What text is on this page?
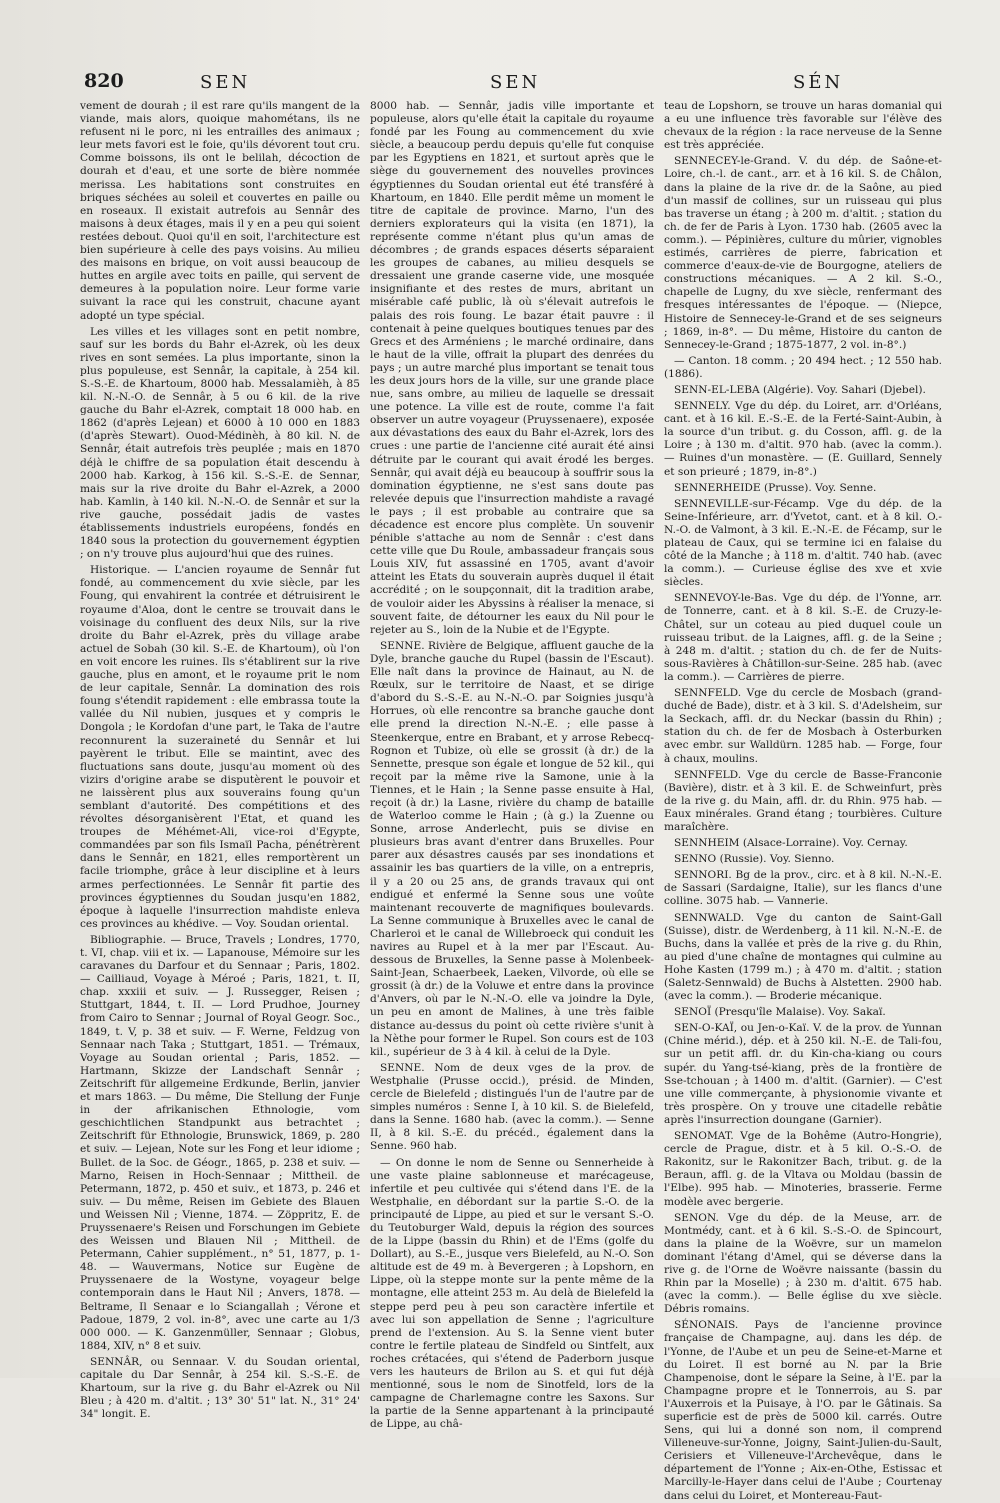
820	SEN	SEN	SÉN

vement de dourah ; il est rare qu'ils mangent de la viande, mais alors, quoique mahométans, ils ne refusent ni le porc, ni les entrailles des animaux ; leur mets favori est le foie, qu'ils dévorent tout cru. Comme boissons, ils ont le belilah, décoction de dourah et d'eau, et une sorte de bière nommée merissa. Les habitations sont construites en briques séchées au soleil et couvertes en paille ou en roseaux. Il existait autrefois au Sennâr des maisons à deux étages, mais il y en a peu qui soient restées debout. Quoi qu'il en soit, l'architecture est bien supérieure à celle des pays voisins. Au milieu des maisons en brique, on voit aussi beaucoup de huttes en argile avec toits en paille, qui servent de demeures à la population noire. Leur forme varie suivant la race qui les construit, chacune ayant adopté un type spécial.

Les villes et les villages sont en petit nombre, sauf sur les bords du Bahr el-Azrek, où les deux rives en sont semées. La plus importante, sinon la plus populeuse, est Sennâr, la capitale, à 254 kil. S.-S.-E. de Khartoum, 8000 hab. Messalamièh, à 85 kil. N.-N.-O. de Sennâr, à 5 ou 6 kil. de la rive gauche du Bahr el-Azrek, comptait 18 000 hab. en 1862 (d'après Lejean) et 6000 à 10 000 en 1883 (d'après Stewart). Ouod-Médinèh, à 80 kil. N. de Sennâr, était autrefois très peuplée ; mais en 1870 déjà le chiffre de sa population était descendu à 2000 hab. Karkog, à 156 kil. S.-S.-E. de Sennar, mais sur la rive droite du Bahr el-Azrek, a 2000 hab. Kamlin, à 140 kil. N.-N.-O. de Sennâr et sur la rive gauche, possédait jadis de vastes établissements industriels européens, fondés en 1840 sous la protection du gouvernement égyptien ; on n'y trouve plus aujourd'hui que des ruines.

Historique. — L'ancien royaume de Sennâr fut fondé, au commencement du xvie siècle, par les Foung, qui envahirent la contrée et détruisirent le royaume d'Aloa, dont le centre se trouvait dans le voisinage du confluent des deux Nils, sur la rive droite du Bahr el-Azrek, près du village arabe actuel de Sobah (30 kil. S.-E. de Khartoum), où l'on en voit encore les ruines. Ils s'établirent sur la rive gauche, plus en amont, et le royaume prit le nom de leur capitale, Sennâr. La domination des rois foung s'étendit rapidement : elle embrassa toute la vallée du Nil nubien, jusques et y compris le Dongola ; le Kordofan d'une part, le Taka de l'autre reconnurent la suzeraineté du Sennâr et lui payèrent le tribut. Elle se maintint, avec des fluctuations sans doute, jusqu'au moment où des vizirs d'origine arabe se disputèrent le pouvoir et ne laissèrent plus aux souverains foung qu'un semblant d'autorité. Des compétitions et des révoltes désorganisèrent l'Etat, et quand les troupes de Méhémet-Ali, vice-roi d'Egypte, commandées par son fils Ismaïl Pacha, pénétrèrent dans le Sennâr, en 1821, elles remportèrent un facile triomphe, grâce à leur discipline et à leurs armes perfectionnées. Le Sennâr fit partie des provinces égyptiennes du Soudan jusqu'en 1882, époque à laquelle l'insurrection mahdiste enleva ces provinces au khédive. — Voy. Soudan oriental.

Bibliographie. — Bruce, Travels ; Londres, 1770, t. VI, chap. viii et ix. — Lapanouse, Mémoire sur les caravanes du Darfour et du Sennaar ; Paris, 1802. — Cailliaud, Voyage à Méroé ; Paris, 1821, t. II, chap. xxxiii et suiv. — J. Russegger, Reisen ; Stuttgart, 1844, t. II. — Lord Prudhoe, Journey from Cairo to Sennar ; Journal of Royal Geogr. Soc., 1849, t. V, p. 38 et suiv. — F. Werne, Feldzug von Sennaar nach Taka ; Stuttgart, 1851. — Trémaux, Voyage au Soudan oriental ; Paris, 1852. — Hartmann, Skizze der Landschaft Sennâr ; Zeitschrift für allgemeine Erdkunde, Berlin, janvier et mars 1863. — Du même, Die Stellung der Funje in der afrikanischen Ethnologie, vom geschichtlichen Standpunkt aus betrachtet ; Zeitschrift für Ethnologie, Brunswick, 1869, p. 280 et suiv. — Lejean, Note sur les Fong et leur idiome ; Bullet. de la Soc. de Géogr., 1865, p. 238 et suiv. — Marno, Reisen in Hoch-Sennaar ; Mittheil. de Petermann, 1872, p. 450 et suiv., et 1873, p. 246 et suiv. — Du même, Reisen im Gebiete des Blauen und Weissen Nil ; Vienne, 1874. — Zöppritz, E. de Pruyssenaere's Reisen und Forschungen im Gebiete des Weissen und Blauen Nil ; Mittheil. de Petermann, Cahier supplément., n° 51, 1877, p. 1-48. — Wauvermans, Notice sur Eugène de Pruyssenaere de la Wostyne, voyageur belge contemporain dans le Haut Nil ; Anvers, 1878. — Beltrame, Il Senaar e lo Sciangallah ; Vérone et Padoue, 1879, 2 vol. in-8°, avec une carte au 1/3 000 000. — K. Ganzenmüller, Sennaar ; Globus, 1884, XIV, n° 8 et suiv.

SENNÂR, ou Sennaar. V. du Soudan oriental, capitale du Dar Sennâr, à 254 kil. S.-S.-E. de Khartoum, sur la rive g. du Bahr el-Azrek ou Nil Bleu ; à 420 m. d'altit. ; 13° 30' 51" lat. N., 31° 24' 34" longit. E.

8000 hab. — Sennâr, jadis ville importante et populeuse, alors qu'elle était la capitale du royaume fondé par les Foung au commencement du xvie siècle, a beaucoup perdu depuis qu'elle fut conquise par les Egyptiens en 1821, et surtout après que le siège du gouvernement des nouvelles provinces égyptiennes du Soudan oriental eut été transféré à Khartoum, en 1840. Elle perdit même un moment le titre de capitale de province. Marno, l'un des derniers explorateurs qui la visita (en 1871), la représente comme n'étant plus qu'un amas de décombres ; de grands espaces déserts séparaient les groupes de cabanes, au milieu desquels se dressaient une grande caserne vide, une mosquée insignifiante et des restes de murs, abritant un misérable café public, là où s'élevait autrefois le palais des rois foung. Le bazar était pauvre : il contenait à peine quelques boutiques tenues par des Grecs et des Arméniens ; le marché ordinaire, dans le haut de la ville, offrait la plupart des denrées du pays ; un autre marché plus important se tenait tous les deux jours hors de la ville, sur une grande place nue, sans ombre, au milieu de laquelle se dressait une potence. La ville est de route, comme l'a fait observer un autre voyageur (Pruyssenaere), exposée aux dévastations des eaux du Bahr el-Azrek, lors des crues : une partie de l'ancienne cité aurait été ainsi détruite par le courant qui avait érodé les berges. Sennâr, qui avait déjà eu beaucoup à souffrir sous la domination égyptienne, ne s'est sans doute pas relevée depuis que l'insurrection mahdiste a ravagé le pays ; il est probable au contraire que sa décadence est encore plus complète. Un souvenir pénible s'attache au nom de Sennâr : c'est dans cette ville que Du Roule, ambassadeur français sous Louis XIV, fut assassiné en 1705, avant d'avoir atteint les Etats du souverain auprès duquel il était accrédité ; on le soupçonnait, dit la tradition arabe, de vouloir aider les Abyssins à réaliser la menace, si souvent faite, de détourner les eaux du Nil pour le rejeter au S., loin de la Nubie et de l'Egypte.

SENNE. Rivière de Belgique, affluent gauche de la Dyle, branche gauche du Rupel (bassin de l'Escaut). Elle naît dans la province de Hainaut, au N. de Rœulx, sur le territoire de Naast, et se dirige d'abord du S.-S.-E. au N.-N.-O. par Soignies jusqu'à Horrues, où elle rencontre sa branche gauche dont elle prend la direction N.-N.-E. ; elle passe à Steenkerque, entre en Brabant, et y arrose Rebecq-Rognon et Tubize, où elle se grossit (à dr.) de la Sennette, presque son égale et longue de 52 kil., qui reçoit par la même rive la Samone, unie à la Tiennes, et le Hain ; la Senne passe ensuite à Hal, reçoit (à dr.) la Lasne, rivière du champ de bataille de Waterloo comme le Hain ; (à g.) la Zuenne ou Sonne, arrose Anderlecht, puis se divise en plusieurs bras avant d'entrer dans Bruxelles. Pour parer aux désastres causés par ses inondations et assainir les bas quartiers de la ville, on a entrepris, il y a 20 ou 25 ans, de grands travaux qui ont endigué et enfermé la Senne sous une voûte maintenant recouverte de magnifiques boulevards. La Senne communique à Bruxelles avec le canal de Charleroi et le canal de Willebroeck qui conduit les navires au Rupel et à la mer par l'Escaut. Au-dessous de Bruxelles, la Senne passe à Molenbeek-Saint-Jean, Schaerbeek, Laeken, Vilvorde, où elle se grossit (à dr.) de la Voluwe et entre dans la province d'Anvers, où par le N.-N.-O. elle va joindre la Dyle, un peu en amont de Malines, à une très faible distance au-dessus du point où cette rivière s'unit à la Nèthe pour former le Rupel. Son cours est de 103 kil., supérieur de 3 à 4 kil. à celui de la Dyle.

SENNE. Nom de deux vges de la prov. de Westphalie (Prusse occid.), présid. de Minden, cercle de Bielefeld ; distingués l'un de l'autre par de simples numéros : Senne I, à 10 kil. S. de Bielefeld, dans la Senne. 1680 hab. (avec la comm.). — Senne II, à 8 kil. S.-E. du précéd., également dans la Senne. 960 hab.

— On donne le nom de Senne ou Sennerheide à une vaste plaine sablonneuse et marécageuse, infertile et peu cultivée qui s'étend dans l'E. de la Westphalie, en débordant sur la partie S.-O. de la principauté de Lippe, au pied et sur le versant S.-O. du Teutoburger Wald, depuis la région des sources de la Lippe (bassin du Rhin) et de l'Ems (golfe du Dollart), au S.-E., jusque vers Bielefeld, au N.-O. Son altitude est de 49 m. à Bevergeren ; à Lopshorn, en Lippe, où la steppe monte sur la pente même de la montagne, elle atteint 253 m. Au delà de Bielefeld la steppe perd peu à peu son caractère infertile et avec lui son appellation de Senne ; l'agriculture prend de l'extension. Au S. la Senne vient buter contre le fertile plateau de Sindfeld ou Sintfelt, aux roches crétacées, qui s'étend de Paderborn jusque vers les hauteurs de Brilon au S. et qui fut déjà mentionné, sous le nom de Sinotfeld, lors de la campagne de Charlemagne contre les Saxons. Sur la partie de la Senne appartenant à la principauté de Lippe, au châ-

teau de Lopshorn, se trouve un haras domanial qui a eu une influence très favorable sur l'élève des chevaux de la région : la race nerveuse de la Senne est très appréciée.

SENNECEY-le-Grand. V. du dép. de Saône-et-Loire, ch.-l. de cant., arr. et à 16 kil. S. de Châlon, dans la plaine de la rive dr. de la Saône, au pied d'un massif de collines, sur un ruisseau qui plus bas traverse un étang ; à 200 m. d'altit. ; station du ch. de fer de Paris à Lyon. 1730 hab. (2605 avec la comm.). — Pépinières, culture du mûrier, vignobles estimés, carrières de pierre, fabrication et commerce d'eaux-de-vie de Bourgogne, ateliers de constructions mécaniques. — A 2 kil. S.-O., chapelle de Lugny, du xve siècle, renfermant des fresques intéressantes de l'époque. — (Niepce, Histoire de Sennecey-le-Grand et de ses seigneurs ; 1869, in-8°. — Du même, Histoire du canton de Sennecey-le-Grand ; 1875-1877, 2 vol. in-8°.)

— Canton. 18 comm. ; 20 494 hect. ; 12 550 hab. (1886).

SENN-EL-LEBA (Algérie). Voy. Sahari (Djebel).

SENNELY. Vge du dép. du Loiret, arr. d'Orléans, cant. et à 16 kil. E.-S.-E. de la Ferté-Saint-Aubin, à la source d'un tribut. g. du Cosson, affl. g. de la Loire ; à 130 m. d'altit. 970 hab. (avec la comm.). — Ruines d'un monastère. — (E. Guillard, Sennely et son prieuré ; 1879, in-8°.)

SENNERHEIDE (Prusse). Voy. Senne.

SENNEVILLE-sur-Fécamp. Vge du dép. de la Seine-Inférieure, arr. d'Yvetot, cant. et à 8 kil. O.-N.-O. de Valmont, à 3 kil. E.-N.-E. de Fécamp, sur le plateau de Caux, qui se termine ici en falaise du côté de la Manche ; à 118 m. d'altit. 740 hab. (avec la comm.). — Curieuse église des xve et xvie siècles.

SENNEVOY-le-Bas. Vge du dép. de l'Yonne, arr. de Tonnerre, cant. et à 8 kil. S.-E. de Cruzy-le-Châtel, sur un coteau au pied duquel coule un ruisseau tribut. de la Laignes, affl. g. de la Seine ; à 248 m. d'altit. ; station du ch. de fer de Nuits-sous-Ravières à Châtillon-sur-Seine. 285 hab. (avec la comm.). — Carrières de pierre.

SENNFELD. Vge du cercle de Mosbach (grand-duché de Bade), distr. et à 3 kil. S. d'Adelsheim, sur la Seckach, affl. dr. du Neckar (bassin du Rhin) ; station du ch. de fer de Mosbach à Osterburken avec embr. sur Walldürn. 1285 hab. — Forge, four à chaux, moulins.

SENNFELD. Vge du cercle de Basse-Franconie (Bavière), distr. et à 3 kil. E. de Schweinfurt, près de la rive g. du Main, affl. dr. du Rhin. 975 hab. — Eaux minérales. Grand étang ; tourbières. Culture maraîchère.

SENNHEIM (Alsace-Lorraine). Voy. Cernay.

SENNO (Russie). Voy. Sienno.

SENNORI. Bg de la prov., circ. et à 8 kil. N.-N.-E. de Sassari (Sardaigne, Italie), sur les flancs d'une colline. 3075 hab. — Vannerie.

SENNWALD. Vge du canton de Saint-Gall (Suisse), distr. de Werdenberg, à 11 kil. N.-N.-E. de Buchs, dans la vallée et près de la rive g. du Rhin, au pied d'une chaîne de montagnes qui culmine au Hohe Kasten (1799 m.) ; à 470 m. d'altit. ; station (Saletz-Sennwald) de Buchs à Alstetten. 2900 hab. (avec la comm.). — Broderie mécanique.

SENOÏ (Presqu'île Malaise). Voy. Sakaï.

SEN-O-KAÏ, ou Jen-o-Kaï. V. de la prov. de Yunnan (Chine mérid.), dép. et à 250 kil. N.-E. de Tali-fou, sur un petit affl. dr. du Kin-cha-kiang ou cours supér. du Yang-tsé-kiang, près de la frontière de Sse-tchouan ; à 1400 m. d'altit. (Garnier). — C'est une ville commerçante, à physionomie vivante et très prospère. On y trouve une citadelle rebâtie après l'insurrection doungane (Garnier).

SENOMAT. Vge de la Bohême (Autro-Hongrie), cercle de Prague, distr. et à 5 kil. O.-S.-O. de Rakonitz, sur le Rakonitzer Bach, tribut. g. de la Beraun, affl. g. de la Vltava ou Moldau (bassin de l'Elbe). 995 hab. — Minoteries, brasserie. Ferme modèle avec bergerie.

SENON. Vge du dép. de la Meuse, arr. de Montmédy, cant. et à 6 kil. S.-S.-O. de Spincourt, dans la plaine de la Woëvre, sur un mamelon dominant l'étang d'Amel, qui se déverse dans la rive g. de l'Orne de Woëvre naissante (bassin du Rhin par la Moselle) ; à 230 m. d'altit. 675 hab. (avec la comm.). — Belle église du xve siècle. Débris romains.

SÉNONAIS. Pays de l'ancienne province française de Champagne, auj. dans les dép. de l'Yonne, de l'Aube et un peu de Seine-et-Marne et du Loiret. Il est borné au N. par la Brie Champenoise, dont le sépare la Seine, à l'E. par la Champagne propre et le Tonnerrois, au S. par l'Auxerrois et la Puisaye, à l'O. par le Gâtinais. Sa superficie est de près de 5000 kil. carrés. Outre Sens, qui lui a donné son nom, il comprend Villeneuve-sur-Yonne, Joigny, Saint-Julien-du-Sault, Cerisiers et Villeneuve-l'Archevêque, dans le département de l'Yonne ; Aix-en-Othe, Estissac et Marcilly-le-Hayer dans celui de l'Aube ; Courtenay dans celui du Loiret, et Montereau-Faut-
